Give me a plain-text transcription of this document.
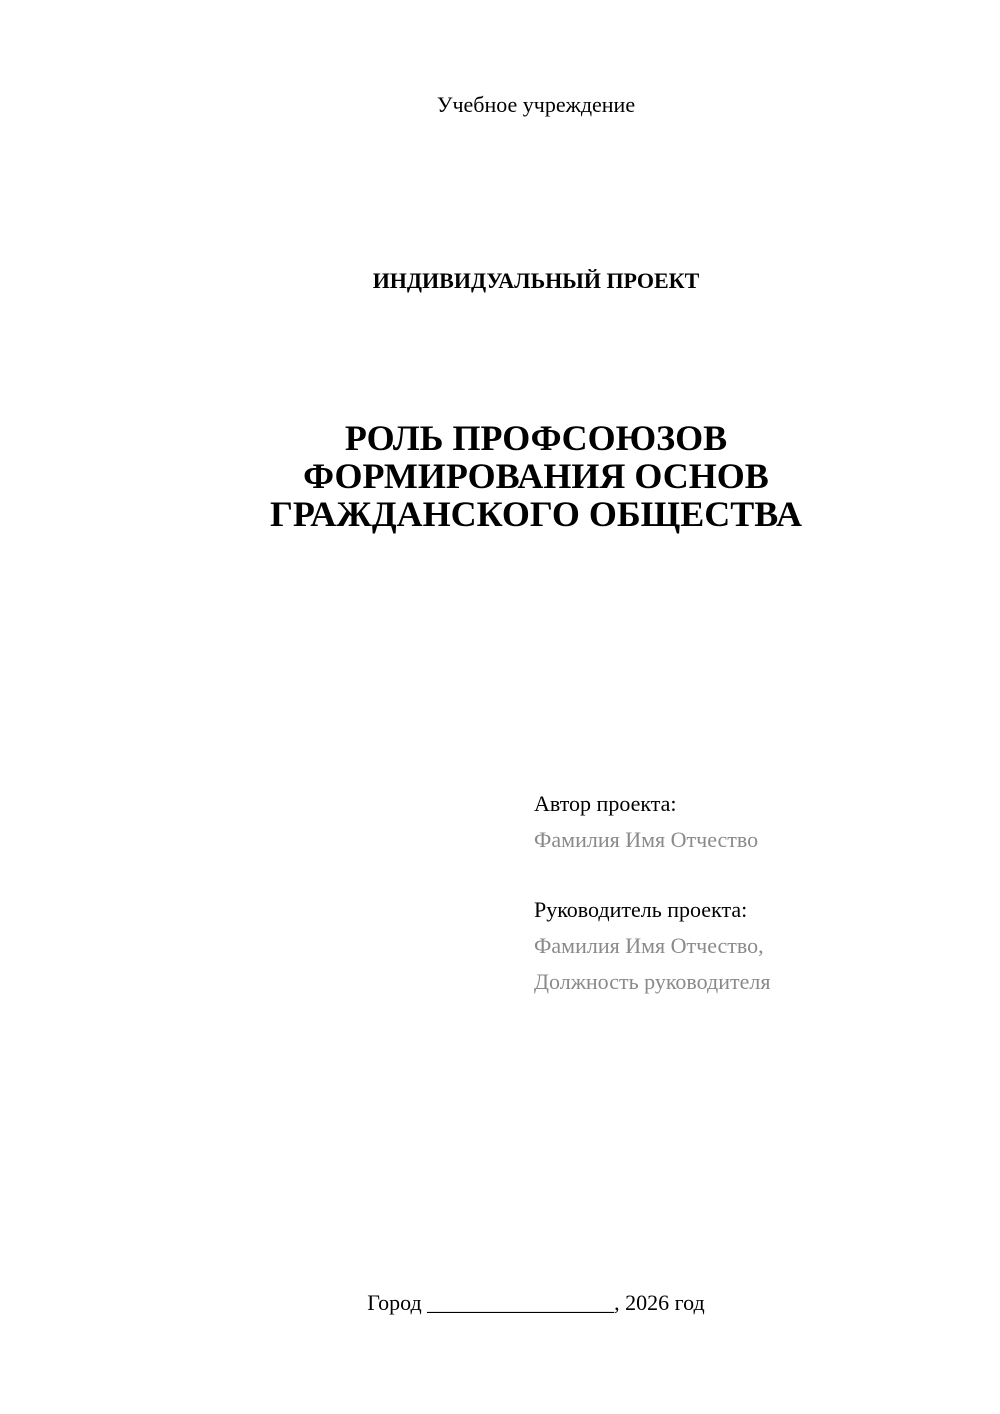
Учебное учреждение
ИНДИВИДУАЛЬНЫЙ ПРОЕКТ
РОЛЬ ПРОФСОЮЗОВ
ФОРМИРОВАНИЯ ОСНОВ
ГРАЖДАНСКОГО ОБЩЕСТВА
Автор проекта:
Фамилия Имя Отчество
Руководитель проекта:
Фамилия Имя Отчество,
Должность руководителя
Город _________________, 2026 год
